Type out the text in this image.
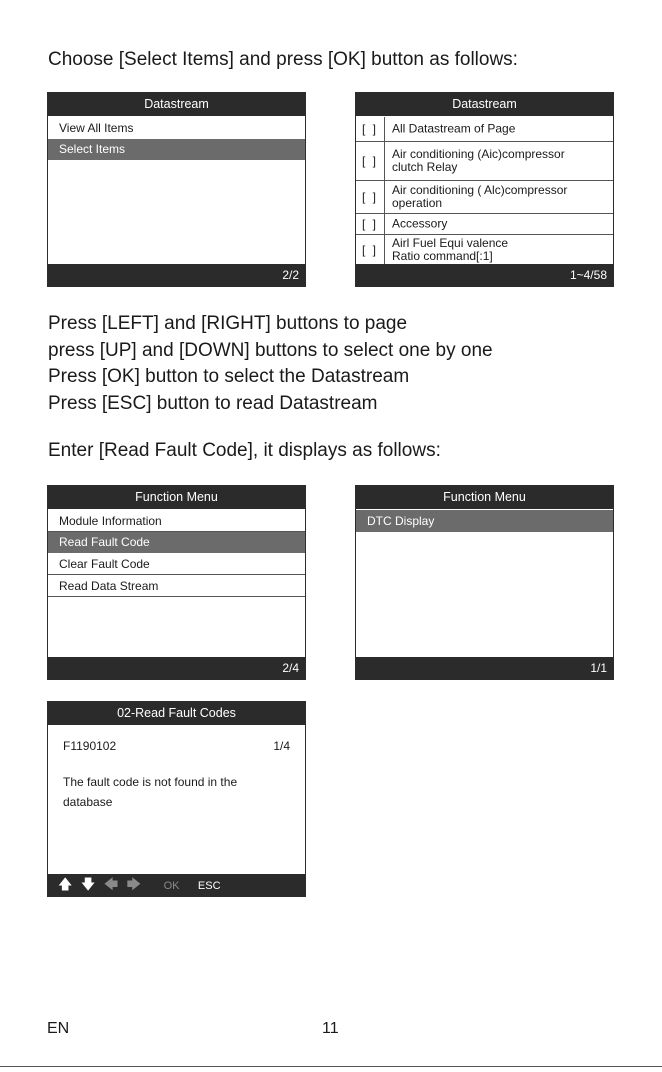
Choose [Select Items] and press [OK] button as follows:
Datastream
View All Items
Select Items
2/2
Datastream
[ ]	All Datastream of Page
[ ]	Air conditioning (Aic)compressor
clutch Relay
[ ]	Air conditioning ( Alc)compressor
operation
[ ]	Accessory
[ ]	Airl Fuel Equi valence
Ratio command[:1]
1~4/58
Press [LEFT] and [RIGHT] buttons to page
press [UP] and [DOWN] buttons to select one by one
Press [OK] button to select the Datastream
Press [ESC] button to read Datastream
Enter [Read Fault Code], it displays as follows:
Function Menu
Module Information
Read Fault Code
Clear Fault Code
Read Data Stream
2/4
Function Menu
DTC Display
1/1
02-Read Fault Codes
F1190102	1/4
The fault code is not found in the
database
🡅 🡇 🡄 🡆 OK ESC
EN	11
